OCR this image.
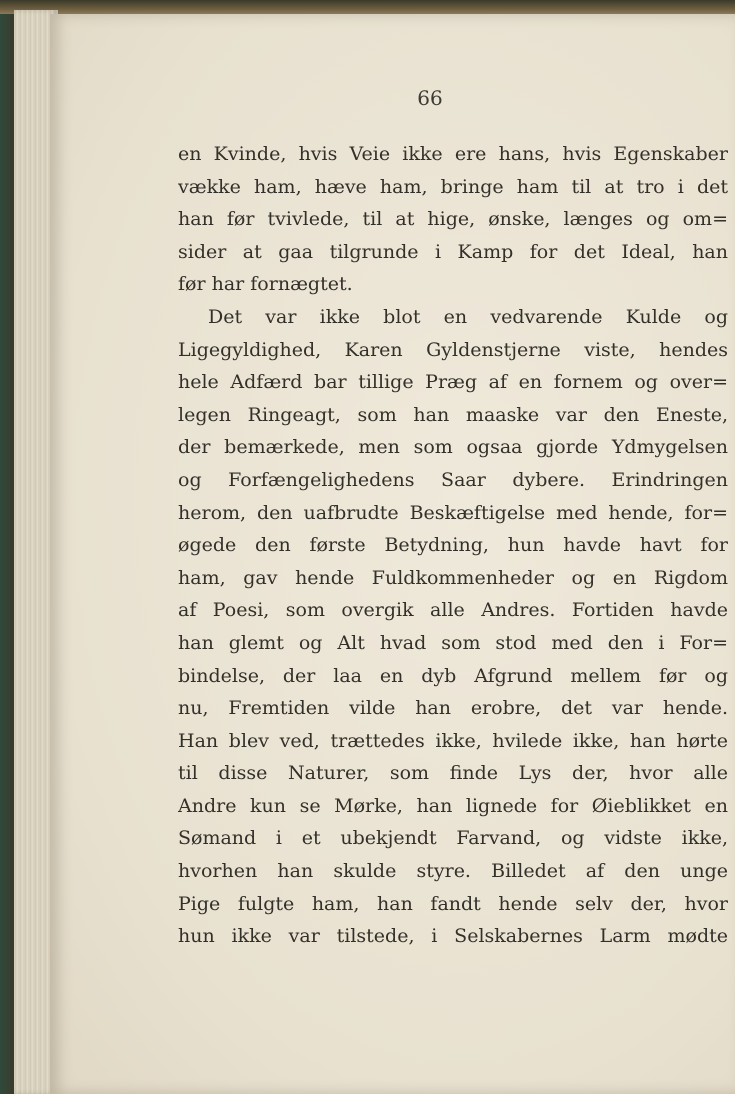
66
en Kvinde, hvis Veie ikke ere hans, hvis Egenskaber
vække ham, hæve ham, bringe ham til at tro i det
han før tvivlede, til at hige, ønske, længes og om=
sider at gaa tilgrunde i Kamp for det Ideal, han
før har fornægtet.
Det var ikke blot en vedvarende Kulde og
Ligegyldighed, Karen Gyldenstjerne viste, hendes
hele Adfærd bar tillige Præg af en fornem og over=
legen Ringeagt, som han maaske var den Eneste,
der bemærkede, men som ogsaa gjorde Ydmygelsen
og Forfængelighedens Saar dybere. Erindringen
herom, den uafbrudte Beskæftigelse med hende, for=
øgede den første Betydning, hun havde havt for
ham, gav hende Fuldkommenheder og en Rigdom
af Poesi, som overgik alle Andres. Fortiden havde
han glemt og Alt hvad som stod med den i For=
bindelse, der laa en dyb Afgrund mellem før og
nu, Fremtiden vilde han erobre, det var hende.
Han blev ved, trættedes ikke, hvilede ikke, han hørte
til disse Naturer, som finde Lys der, hvor alle
Andre kun se Mørke, han lignede for Øieblikket en
Sømand i et ubekjendt Farvand, og vidste ikke,
hvorhen han skulde styre. Billedet af den unge
Pige fulgte ham, han fandt hende selv der, hvor
hun ikke var tilstede, i Selskabernes Larm mødte
